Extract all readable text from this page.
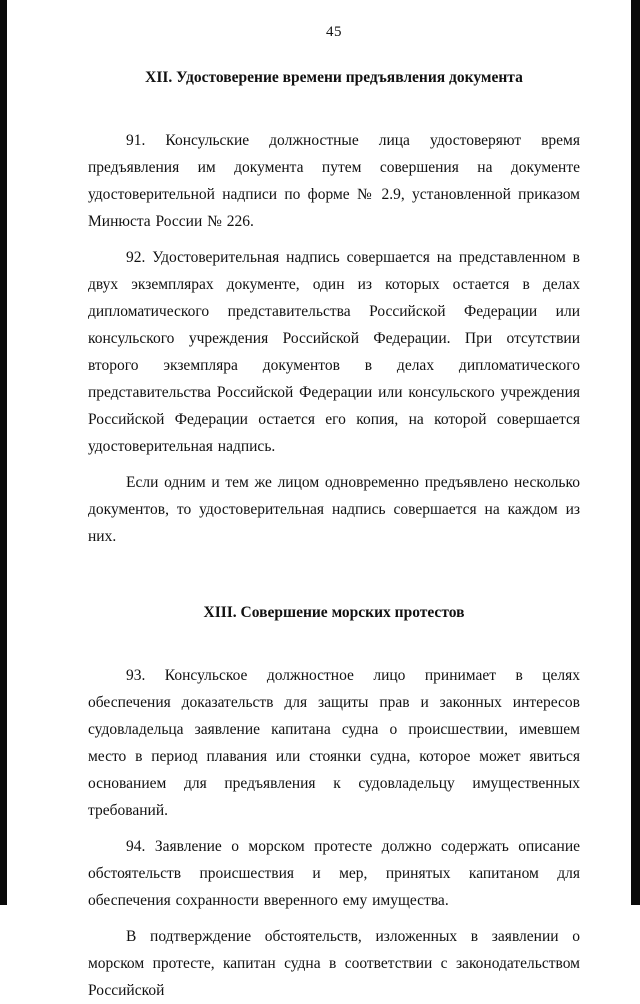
45
XII. Удостоверение времени предъявления документа

91. Консульские должностные лица удостоверяют время предъявления им документа путем совершения на документе удостоверительной надписи по форме № 2.9, установленной приказом Минюста России № 226.

92. Удостоверительная надпись совершается на представленном в двух экземплярах документе, один из которых остается в делах дипломатического представительства Российской Федерации или консульского учреждения Российской Федерации. При отсутствии второго экземпляра документов в делах дипломатического представительства Российской Федерации или консульского учреждения Российской Федерации остается его копия, на которой совершается удостоверительная надпись.

Если одним и тем же лицом одновременно предъявлено несколько документов, то удостоверительная надпись совершается на каждом из них.

XIII. Совершение морских протестов

93. Консульское должностное лицо принимает в целях обеспечения доказательств для защиты прав и законных интересов судовладельца заявление капитана судна о происшествии, имевшем место в период плавания или стоянки судна, которое может явиться основанием для предъявления к судовладельцу имущественных требований.

94. Заявление о морском протесте должно содержать описание обстоятельств происшествия и мер, принятых капитаном для обеспечения сохранности вверенного ему имущества.

В подтверждение обстоятельств, изложенных в заявлении о морском протесте, капитан судна в соответствии с законодательством Российской
